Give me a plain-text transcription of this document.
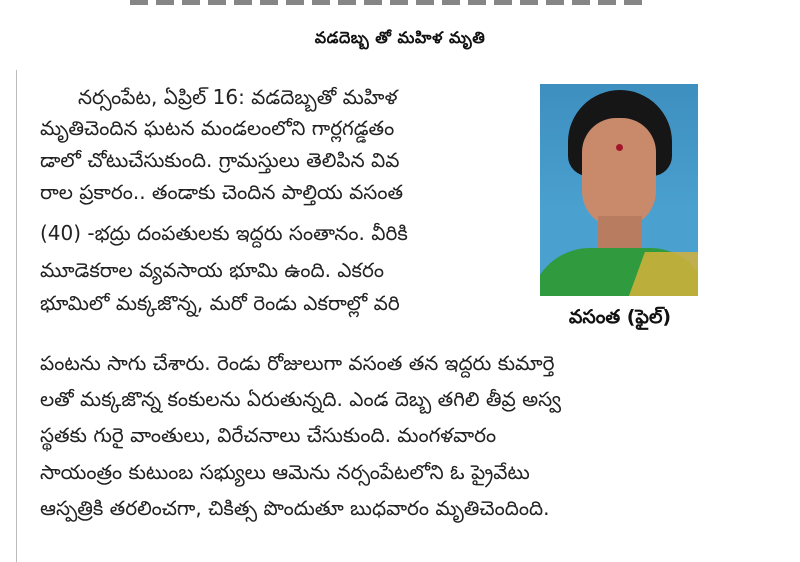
వడదెబ్బ తో మహిళ మృతి
నర్సంపేట, ఏప్రిల్ 16: వడదెబ్బతో మహిళ
మృతిచెందిన ఘటన మండలంలోని గార్లగడ్డతం
డాలో చోటుచేసుకుంది. గ్రామస్తులు తెలిపిన వివ
రాల ప్రకారం.. తండాకు చెందిన పాల్తియ వసంత
(40) -భద్రు దంపతులకు ఇద్దరు సంతానం. వీరికి
మూడెకరాల వ్యవసాయ భూమి ఉంది. ఎకరం
భూమిలో మక్కజొన్న, మరో రెండు ఎకరాల్లో వరి
పంటను సాగు చేశారు. రెండు రోజులుగా వసంత తన ఇద్దరు కుమార్తె
లతో మక్కజొన్న కంకులను ఏరుతున్నది. ఎండ దెబ్బ తగిలి తీవ్ర అస్వ
స్థతకు గురై వాంతులు, విరేచనాలు చేసుకుంది. మంగళవారం
సాయంత్రం కుటుంబ సభ్యులు ఆమెను నర్సంపేటలోని ఓ ప్రైవేటు
ఆస్పత్రికి తరలించగా, చికిత్స పొందుతూ బుధవారం మృతిచెందింది.
వసంత (ఫైల్)
